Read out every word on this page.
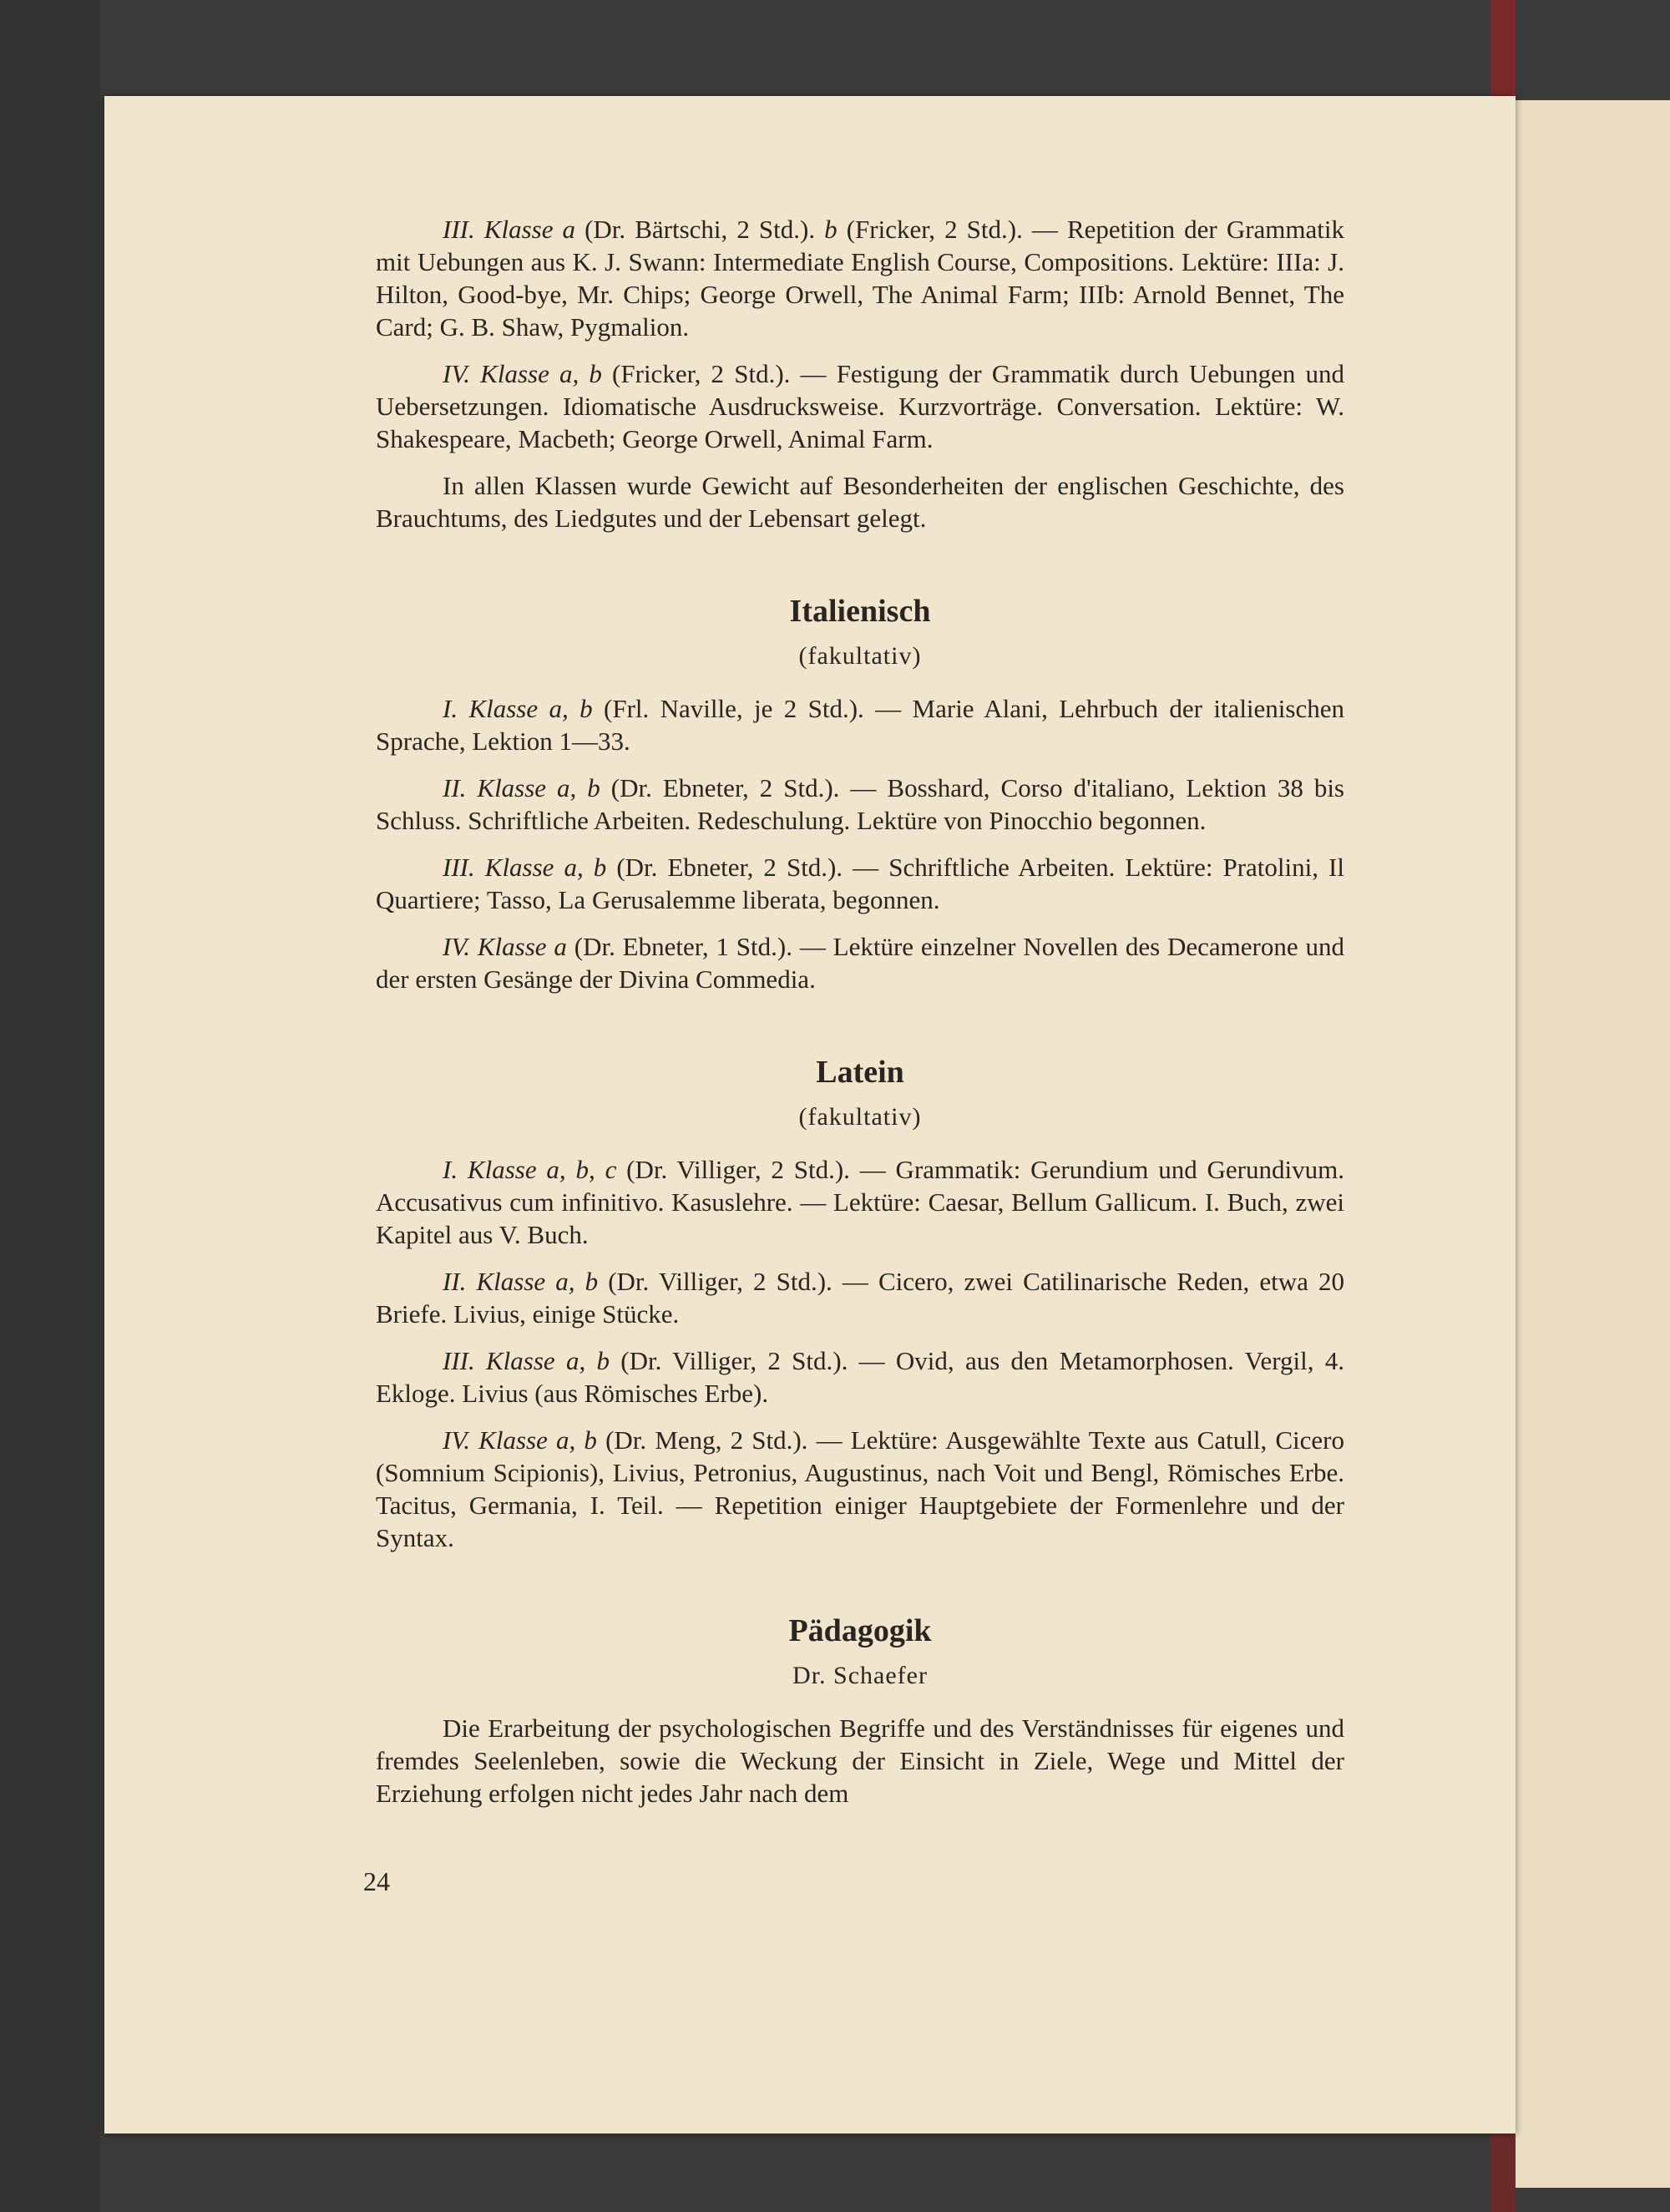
III. Klasse a (Dr. Bärtschi, 2 Std.). b (Fricker, 2 Std.). — Repetition der Grammatik mit Uebungen aus K. J. Swann: Intermediate English Course, Compositions. Lektüre: IIIa: J. Hilton, Good-bye, Mr. Chips; George Orwell, The Animal Farm; IIIb: Arnold Bennet, The Card; G. B. Shaw, Pygmalion.

IV. Klasse a, b (Fricker, 2 Std.). — Festigung der Grammatik durch Uebungen und Uebersetzungen. Idiomatische Ausdrucksweise. Kurzvorträge. Conversation. Lektüre: W. Shakespeare, Macbeth; George Orwell, Animal Farm.

In allen Klassen wurde Gewicht auf Besonderheiten der englischen Geschichte, des Brauchtums, des Liedgutes und der Lebensart gelegt.

Italienisch
(fakultativ)

I. Klasse a, b (Frl. Naville, je 2 Std.). — Marie Alani, Lehrbuch der italienischen Sprache, Lektion 1—33.

II. Klasse a, b (Dr. Ebneter, 2 Std.). — Bosshard, Corso d'italiano, Lektion 38 bis Schluss. Schriftliche Arbeiten. Redeschulung. Lektüre von Pinocchio begonnen.

III. Klasse a, b (Dr. Ebneter, 2 Std.). — Schriftliche Arbeiten. Lektüre: Pratolini, Il Quartiere; Tasso, La Gerusalemme liberata, begonnen.

IV. Klasse a (Dr. Ebneter, 1 Std.). — Lektüre einzelner Novellen des Decamerone und der ersten Gesänge der Divina Commedia.

Latein
(fakultativ)

I. Klasse a, b, c (Dr. Villiger, 2 Std.). — Grammatik: Gerundium und Gerundivum. Accusativus cum infinitivo. Kasuslehre. — Lektüre: Caesar, Bellum Gallicum. I. Buch, zwei Kapitel aus V. Buch.

II. Klasse a, b (Dr. Villiger, 2 Std.). — Cicero, zwei Catilinarische Reden, etwa 20 Briefe. Livius, einige Stücke.

III. Klasse a, b (Dr. Villiger, 2 Std.). — Ovid, aus den Metamorphosen. Vergil, 4. Ekloge. Livius (aus Römisches Erbe).

IV. Klasse a, b (Dr. Meng, 2 Std.). — Lektüre: Ausgewählte Texte aus Catull, Cicero (Somnium Scipionis), Livius, Petronius, Augustinus, nach Voit und Bengl, Römisches Erbe. Tacitus, Germania, I. Teil. — Repetition einiger Hauptgebiete der Formenlehre und der Syntax.

Pädagogik
Dr. Schaefer

Die Erarbeitung der psychologischen Begriffe und des Verständnisses für eigenes und fremdes Seelenleben, sowie die Weckung der Einsicht in Ziele, Wege und Mittel der Erziehung erfolgen nicht jedes Jahr nach dem

24
